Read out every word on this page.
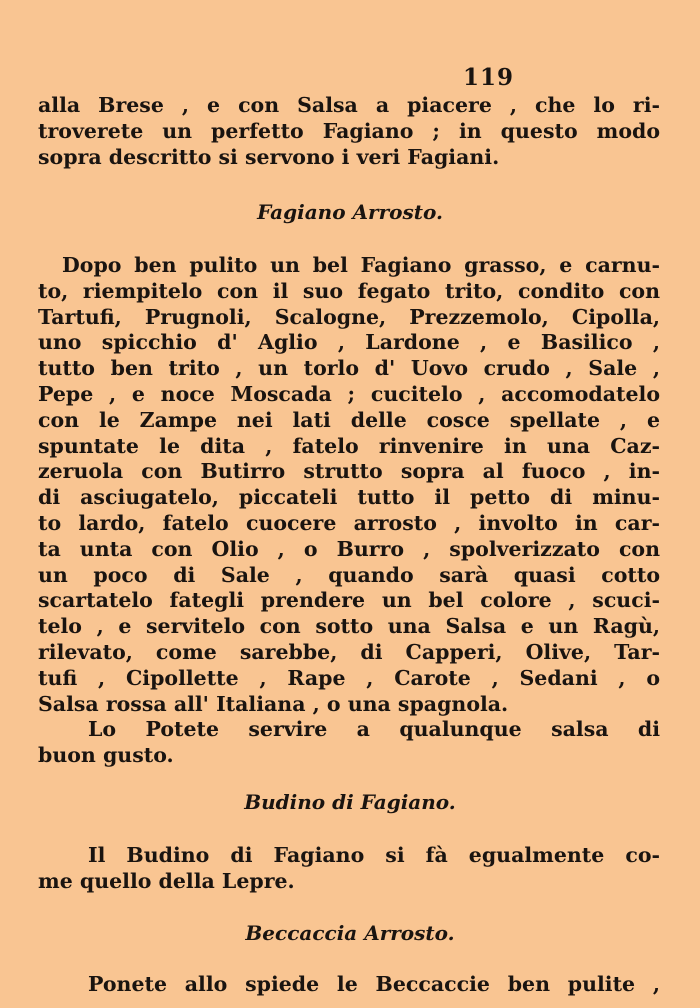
119
alla Brese , e con Salsa a piacere , che lo ri-
troverete un perfetto Fagiano ; in questo modo
sopra descritto si servono i veri Fagiani.
Fagiano Arrosto.
Dopo ben pulito un bel Fagiano grasso, e carnu-
to, riempitelo con il suo fegato trito, condito con
Tartufi, Prugnoli, Scalogne, Prezzemolo, Cipolla,
uno spicchio d' Aglio , Lardone , e Basilico ,
tutto ben trito , un torlo d' Uovo crudo , Sale ,
Pepe , e noce Moscada ; cucitelo , accomodatelo
con le Zampe nei lati delle cosce spellate , e
spuntate le dita , fatelo rinvenire in una Caz-
zeruola con Butirro strutto sopra al fuoco , in-
di asciugatelo, piccateli tutto il petto di minu-
to lardo, fatelo cuocere arrosto , involto in car-
ta unta con Olio , o Burro , spolverizzato con
un poco di Sale , quando sarà quasi cotto
scartatelo fategli prendere un bel colore , scuci-
telo , e servitelo con sotto una Salsa e un Ragù,
rilevato, come sarebbe, di Capperi, Olive, Tar-
tufi , Cipollette , Rape , Carote , Sedani , o
Salsa rossa all' Italiana , o una spagnola.
Lo Potete servire a qualunque salsa di
buon gusto.
Budino di Fagiano.
Il Budino di Fagiano si fà egualmente co-
me quello della Lepre.
Beccaccia Arrosto.
Ponete allo spiede le Beccaccie ben pulite ,
